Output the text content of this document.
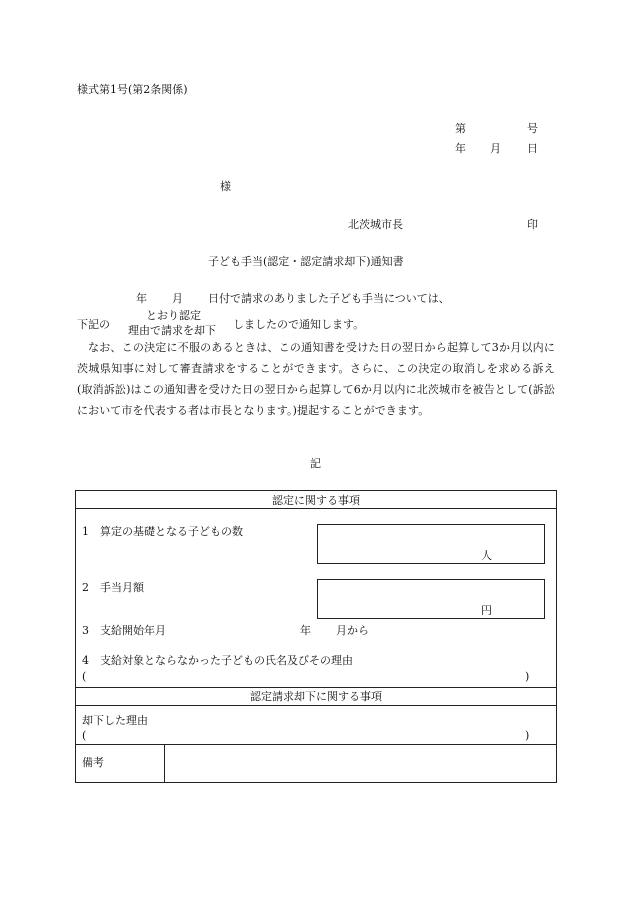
様式第1号(第2条関係)
第	号
年 月 日
様
北茨城市長	印
子ども手当(認定・認定請求却下)通知書
年 月 日付で請求のありました子ども手当については、
下記の
とおり認定
理由で請求を却下 しましたので通知します。
なお、この決定に不服のあるときは、この通知書を受けた日の翌日から起算して3か月以内に茨城県知事に対して審査請求をすることができます。さらに、この決定の取消しを求める訴え(取消訴訟)はこの通知書を受けた日の翌日から起算して6か月以内に北茨城市を被告として(訴訟において市を代表する者は市長となります。)提起することができます。
記
認定に関する事項
1　算定の基礎となる子どもの数
人
2　手当月額
円
3　支給開始年月	年 月から
4　支給対象とならなかった子どもの氏名及びその理由
(	)
認定請求却下に関する事項
却下した理由
(	)
備考
